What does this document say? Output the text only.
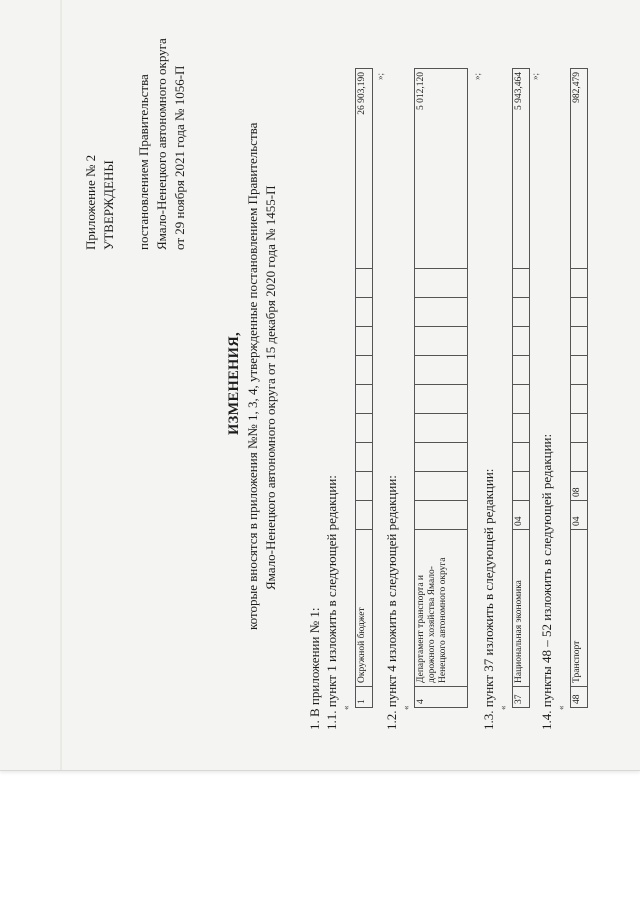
Приложение № 2 УТВЕРЖДЕНЫ постановлением Правительства Ямало-Ненецкого автономного округа от 29 ноября 2021 года № 1056-П
ИЗМЕНЕНИЯ, которые вносятся в приложения №№ 1, 3, 4, утвержденные постановлением Правительства Ямало-Ненецкого автономного округа от 15 декабря 2020 года № 1455-П
1. В приложении № 1: 1.1. пункт 1 изложить в следующей редакции: «
1	Окружной бюджет										26 903,190 »;
1.2. пункт 4 изложить в следующей редакции: «
4	Департамент транспорта и дорожного хозяйства Ямало-Ненецкого автономного округа										5 012,120	»;
1.3. пункт 37 изложить в следующей редакции: «
37	Национальная экономика	04									5 943,464 »;
1.4. пункты 48 – 52 изложить в следующей редакции: «
48	Транспорт	04	08								982,479
